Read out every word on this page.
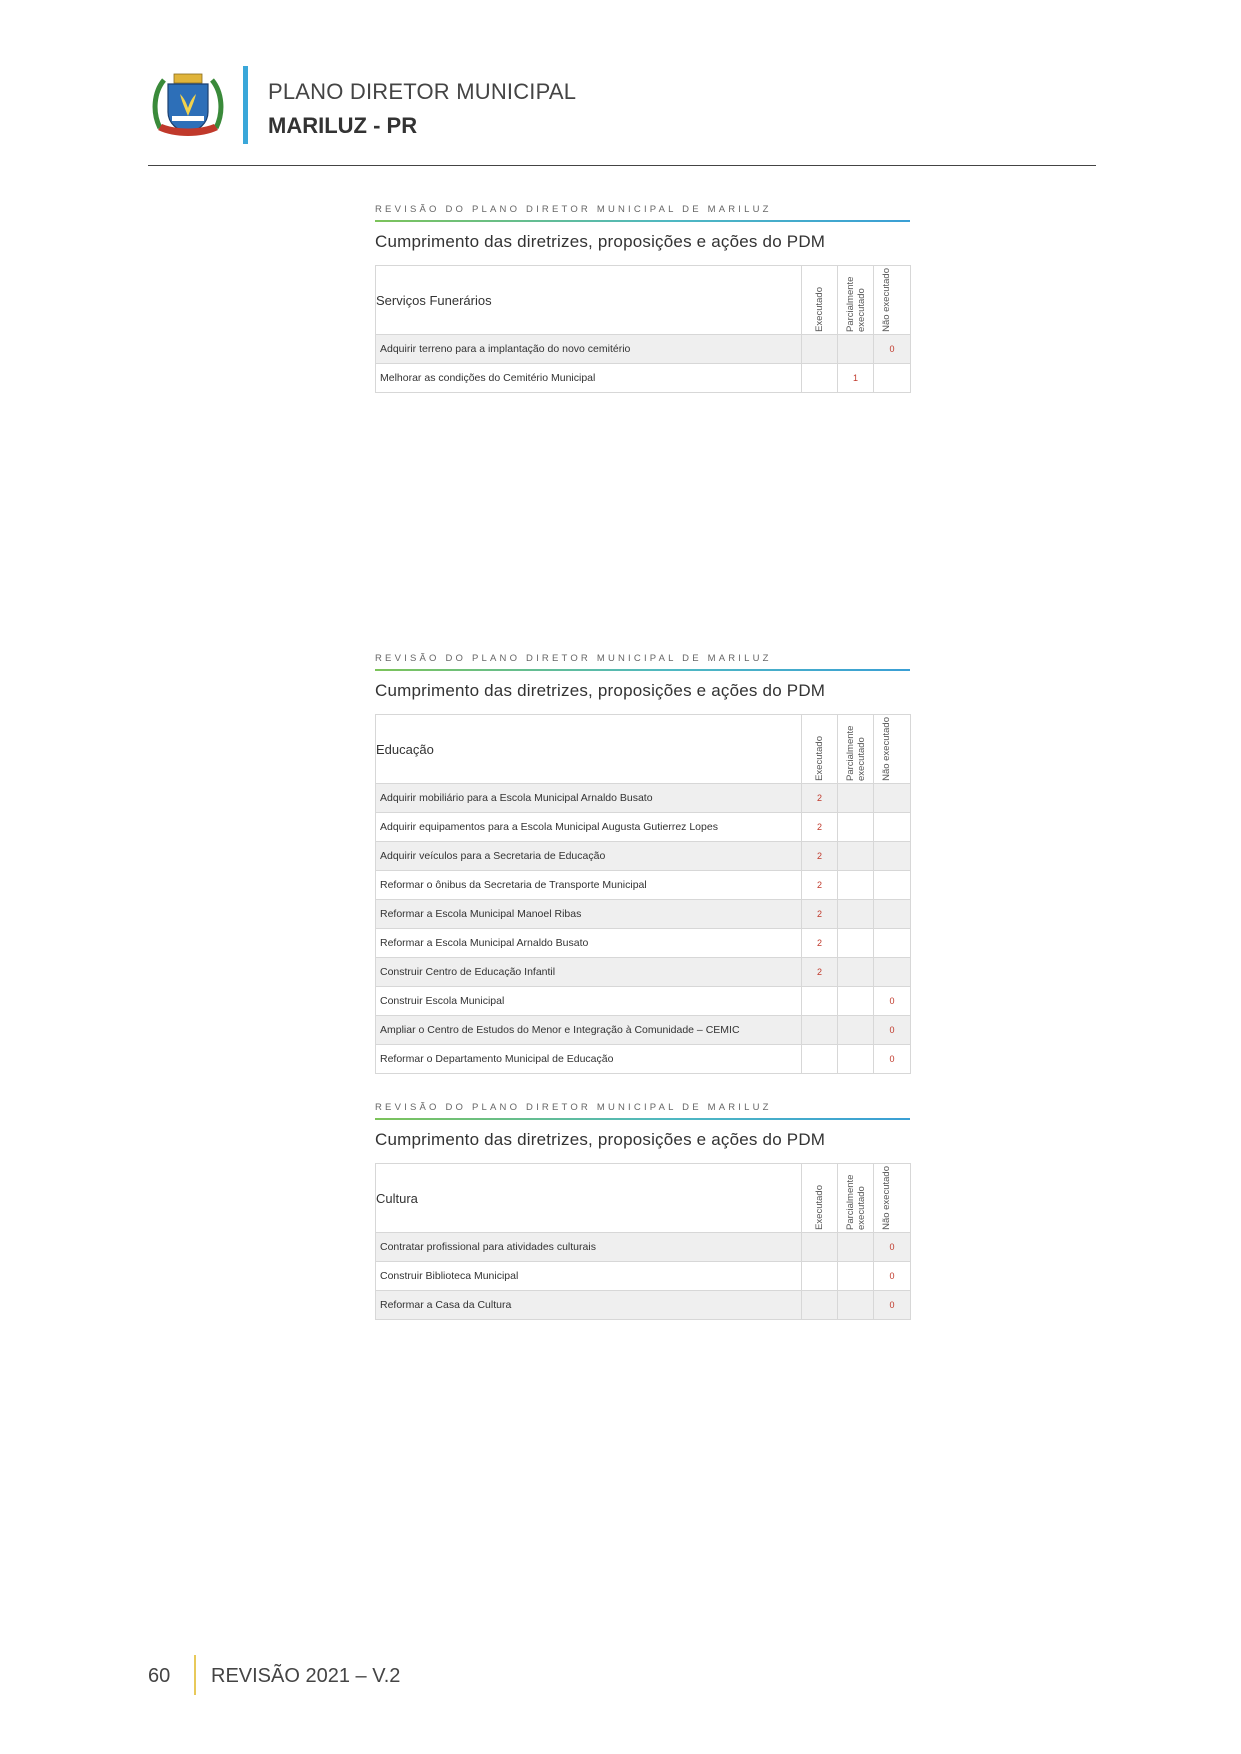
PLANO DIRETOR MUNICIPAL
MARILUZ - PR
REVISÃO DO PLANO DIRETOR MUNICIPAL DE MARILUZ
Cumprimento das diretrizes, proposições e ações do PDM
Serviços Funerários	Executado	Parcialmente executado	Não executado

Adquirir terreno para a implantação do novo cemitério			0
Melhorar as condições do Cemitério Municipal		1	
REVISÃO DO PLANO DIRETOR MUNICIPAL DE MARILUZ
Cumprimento das diretrizes, proposições e ações do PDM
Educação	Executado	Parcialmente executado	Não executado

Adquirir mobiliário para a Escola Municipal Arnaldo Busato	2		
Adquirir equipamentos para a Escola Municipal Augusta Gutierrez Lopes	2		
Adquirir veículos para a Secretaria de Educação	2		
Reformar o ônibus da Secretaria de Transporte Municipal	2		
Reformar a Escola Municipal Manoel Ribas	2		
Reformar a Escola Municipal Arnaldo Busato	2		
Construir Centro de Educação Infantil	2		
Construir Escola Municipal			0
Ampliar o Centro de Estudos do Menor e Integração à Comunidade – CEMIC			0
Reformar o Departamento Municipal de Educação			0
REVISÃO DO PLANO DIRETOR MUNICIPAL DE MARILUZ
Cumprimento das diretrizes, proposições e ações do PDM
Cultura	Executado	Parcialmente executado	Não executado

Contratar profissional para atividades culturais			0
Construir Biblioteca Municipal			0
Reformar a Casa da Cultura			0
60 REVISÃO 2021 – V.2
